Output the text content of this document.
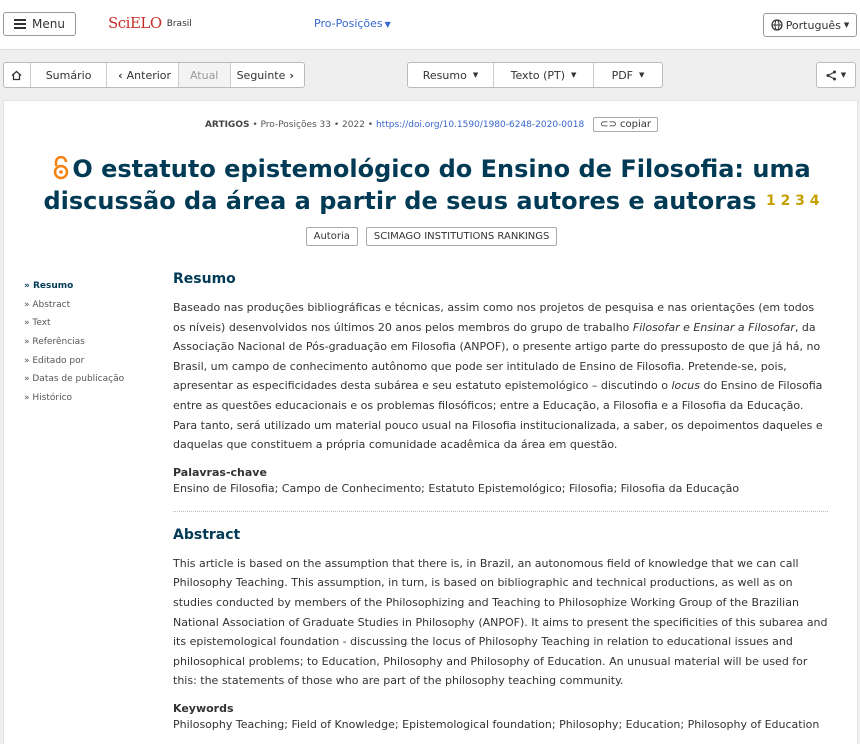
Menu	SciELO Brasil	Pro-Posições ▼	Português ▼
Sumário ‹ Anterior Atual Seguinte ›	Resumo ▼	Texto (PT) ▼	PDF ▼	▼
ARTIGOS • Pro-Posições 33 • 2022 • https://doi.org/10.1590/1980-6248-2020-0018 ⊂⊃ copiar
O estatuto epistemológico do Ensino de Filosofia: uma discussão da área a partir de seus autores e autoras $^{1 2 3 4}$
Autoria	SCIMAGO INSTITUTIONS RANKINGS
» Resumo
» Abstract
» Text
» Referências
» Editado por
» Datas de publicação
» Histórico
Resumo

Baseado nas produções bibliográficas e técnicas, assim como nos projetos de pesquisa e nas orientações (em todos os níveis) desenvolvidos nos últimos 20 anos pelos membros do grupo de trabalho Filosofar e Ensinar a Filosofar, da Associação Nacional de Pós-graduação em Filosofia (ANPOF), o presente artigo parte do pressuposto de que já há, no Brasil, um campo de conhecimento autônomo que pode ser intitulado de Ensino de Filosofia. Pretende-se, pois, apresentar as especificidades desta subárea e seu estatuto epistemológico – discutindo o locus do Ensino de Filosofia entre as questões educacionais e os problemas filosóficos; entre a Educação, a Filosofia e a Filosofia da Educação. Para tanto, será utilizado um material pouco usual na Filosofia institucionalizada, a saber, os depoimentos daqueles e daquelas que constituem a própria comunidade acadêmica da área em questão.

Palavras-chave
Ensino de Filosofia; Campo de Conhecimento; Estatuto Epistemológico; Filosofia; Filosofia da Educação
Abstract

This article is based on the assumption that there is, in Brazil, an autonomous field of knowledge that we can call Philosophy Teaching. This assumption, in turn, is based on bibliographic and technical productions, as well as on studies conducted by members of the Philosophizing and Teaching to Philosophize Working Group of the Brazilian National Association of Graduate Studies in Philosophy (ANPOF). It aims to present the specificities of this subarea and its epistemological foundation - discussing the locus of Philosophy Teaching in relation to educational issues and philosophical problems; to Education, Philosophy and Philosophy of Education. An unusual material will be used for this: the statements of those who are part of the philosophy teaching community.

Keywords
Philosophy Teaching; Field of Knowledge; Epistemological foundation; Philosophy; Education; Philosophy of Education
